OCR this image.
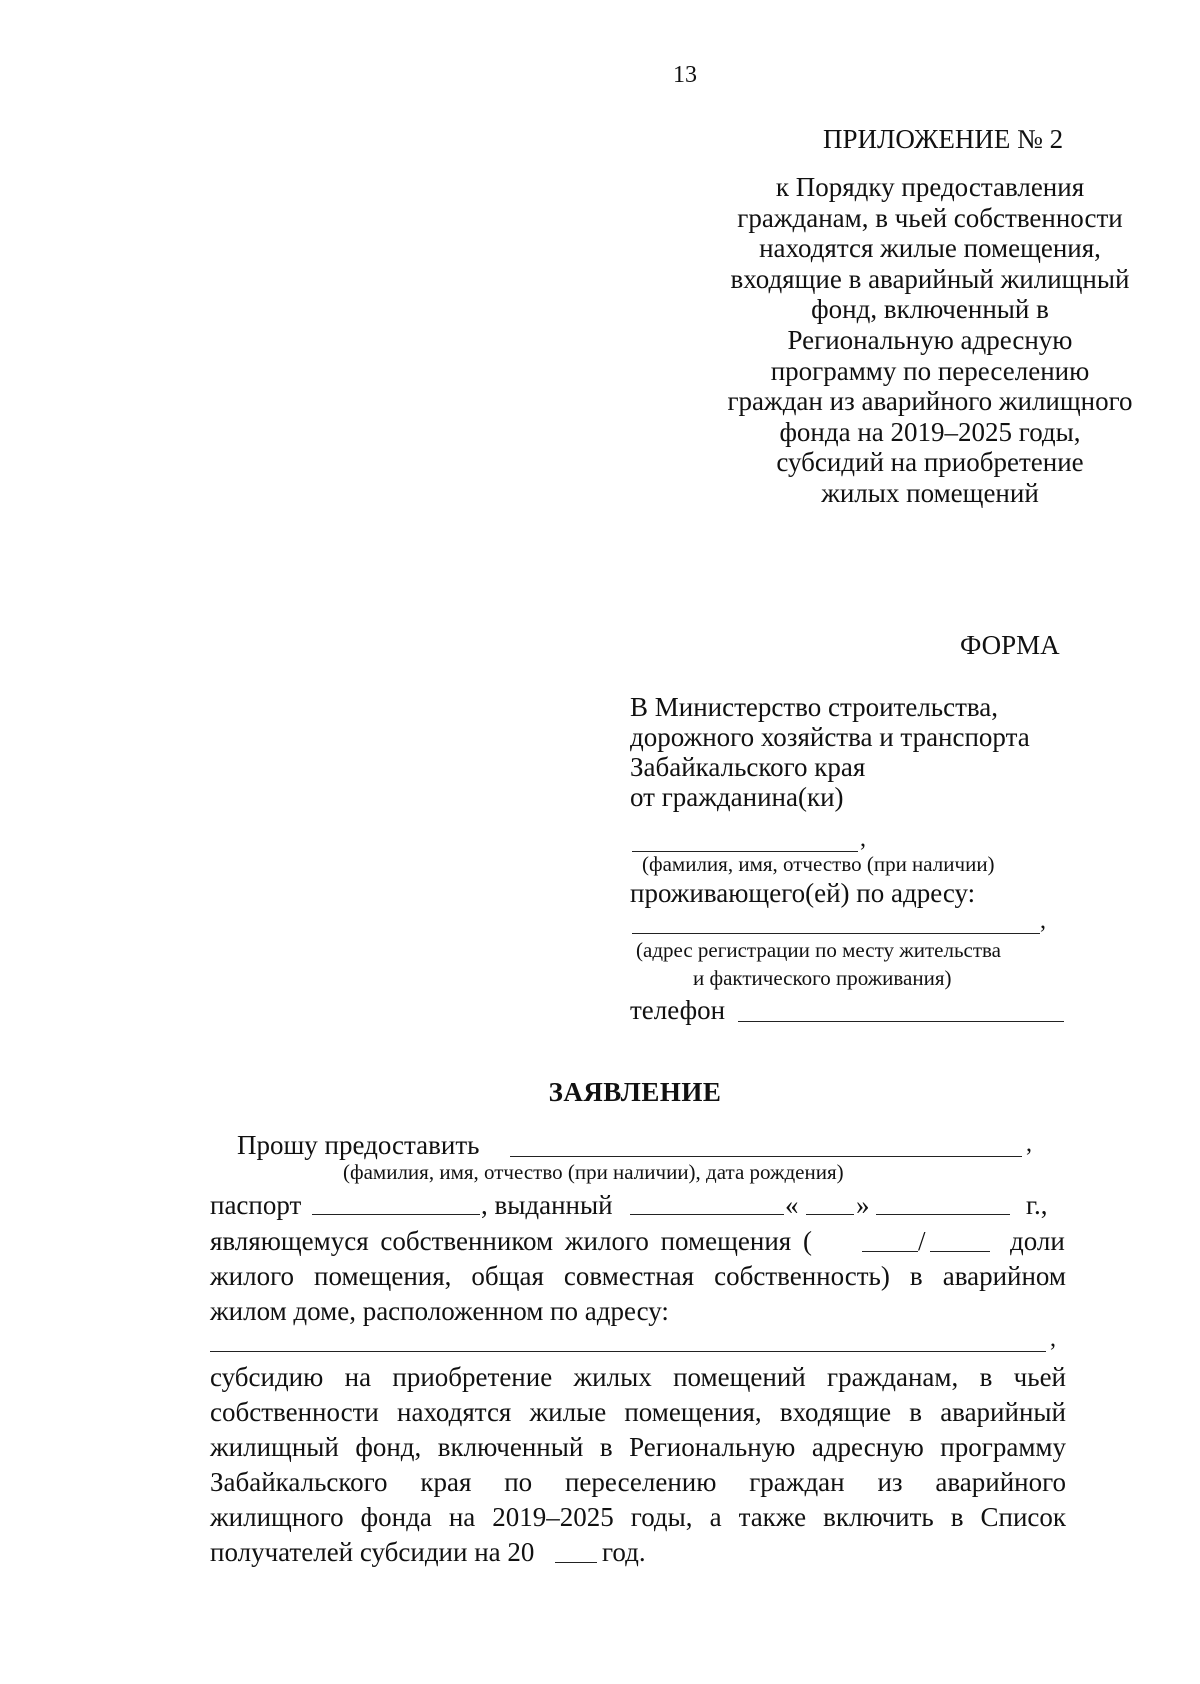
13
ПРИЛОЖЕНИЕ № 2
к Порядку предоставления
гражданам, в чьей собственности
находятся жилые помещения,
входящие в аварийный жилищный
фонд, включенный в
Региональную адресную
программу по переселению
граждан из аварийного жилищного
фонда на 2019–2025 годы,
субсидий на приобретение
жилых помещений
ФОРМА
В Министерство строительства,
дорожного хозяйства и транспорта
Забайкальского края
от гражданина(ки)
,
(фамилия, имя, отчество (при наличии)
проживающего(ей) по адресу:
,
(адрес регистрации по месту жительства
и фактического проживания)
телефон
ЗАЯВЛЕНИЕ
Прошу предоставить	,
(фамилия, имя, отчество (при наличии), дата рождения)
паспорт	, выданный	« »	г.,
являющемуся собственником жилого помещения (	/	доли
жилого помещения, общая совместная собственность) в аварийном
жилом доме, расположенном по адресу:
,
субсидию на приобретение жилых помещений гражданам, в чьей
собственности находятся жилые помещения, входящие в аварийный
жилищный фонд, включенный в Региональную адресную программу
Забайкальского края по переселению граждан из аварийного
жилищного фонда на 2019–2025 годы, а также включить в Список
получателей субсидии на 20	год.
